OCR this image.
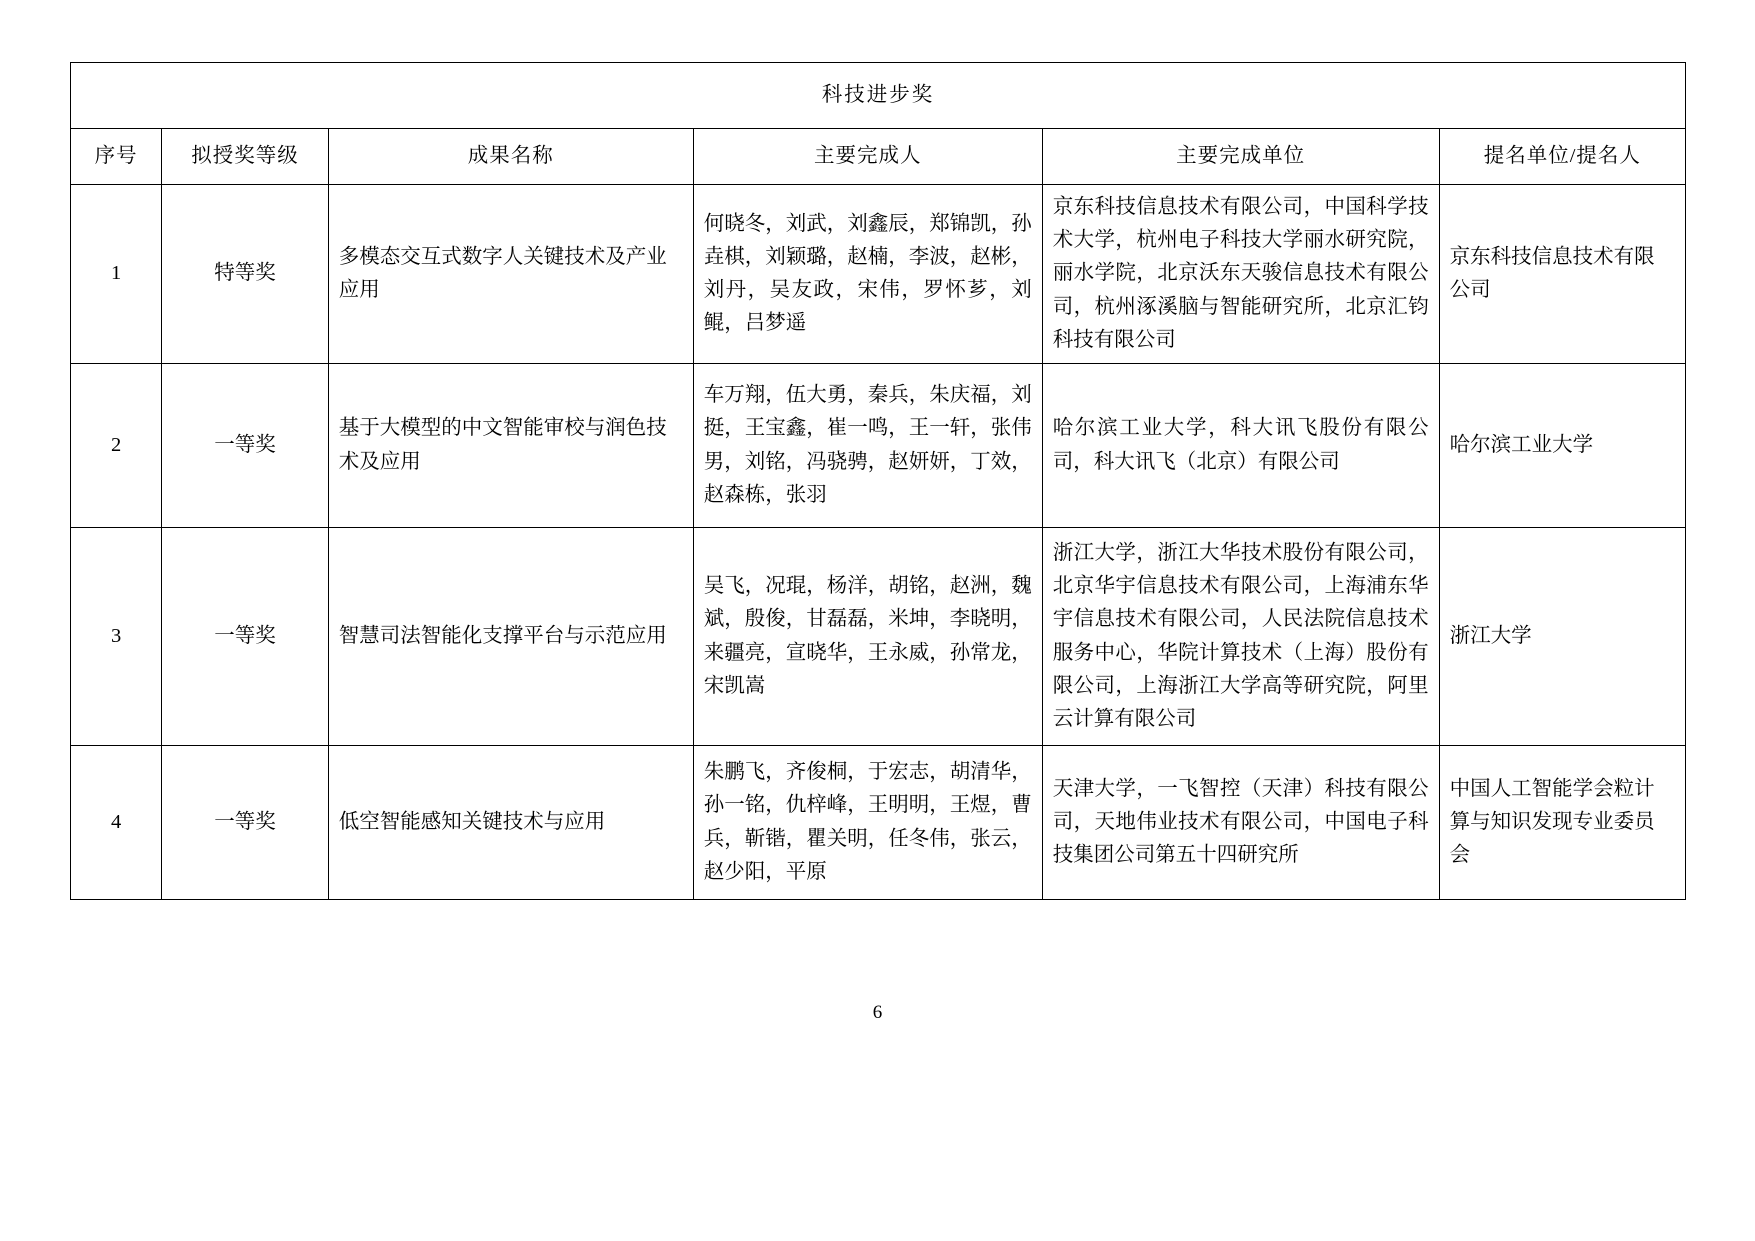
科技进步奖					
序号	拟授奖等级	成果名称	主要完成人	主要完成单位	提名单位/提名人
1	特等奖	多模态交互式数字人关键技术及产业应用	何晓冬，刘武，刘鑫辰，郑锦凯，孙垚棋，刘颖璐，赵楠，李波，赵彬，刘丹，吴友政，宋伟，罗怀芗，刘鲲，吕梦遥	京东科技信息技术有限公司，中国科学技术大学，杭州电子科技大学丽水研究院，丽水学院，北京沃东天骏信息技术有限公司，杭州涿溪脑与智能研究所，北京汇钧科技有限公司	京东科技信息技术有限公司
2	一等奖	基于大模型的中文智能审校与润色技术及应用	车万翔，伍大勇，秦兵，朱庆福，刘挺，王宝鑫，崔一鸣，王一轩，张伟男，刘铭，冯骁骋，赵妍妍，丁效，赵森栋，张羽	哈尔滨工业大学，科大讯飞股份有限公司，科大讯飞（北京）有限公司	哈尔滨工业大学
3	一等奖	智慧司法智能化支撑平台与示范应用	吴飞，况琨，杨洋，胡铭，赵洲，魏斌，殷俊，甘磊磊，米坤，李晓明，来疆亮，宣晓华，王永威，孙常龙，宋凯嵩	浙江大学，浙江大华技术股份有限公司，北京华宇信息技术有限公司，上海浦东华宇信息技术有限公司，人民法院信息技术服务中心，华院计算技术（上海）股份有限公司，上海浙江大学高等研究院，阿里云计算有限公司	浙江大学
4	一等奖	低空智能感知关键技术与应用	朱鹏飞，齐俊桐，于宏志，胡清华，孙一铭，仇梓峰，王明明，王煜，曹兵，靳锴，瞿关明，任冬伟，张云，赵少阳，平原	天津大学，一飞智控（天津）科技有限公司，天地伟业技术有限公司，中国电子科技集团公司第五十四研究所	中国人工智能学会粒计算与知识发现专业委员会
6
